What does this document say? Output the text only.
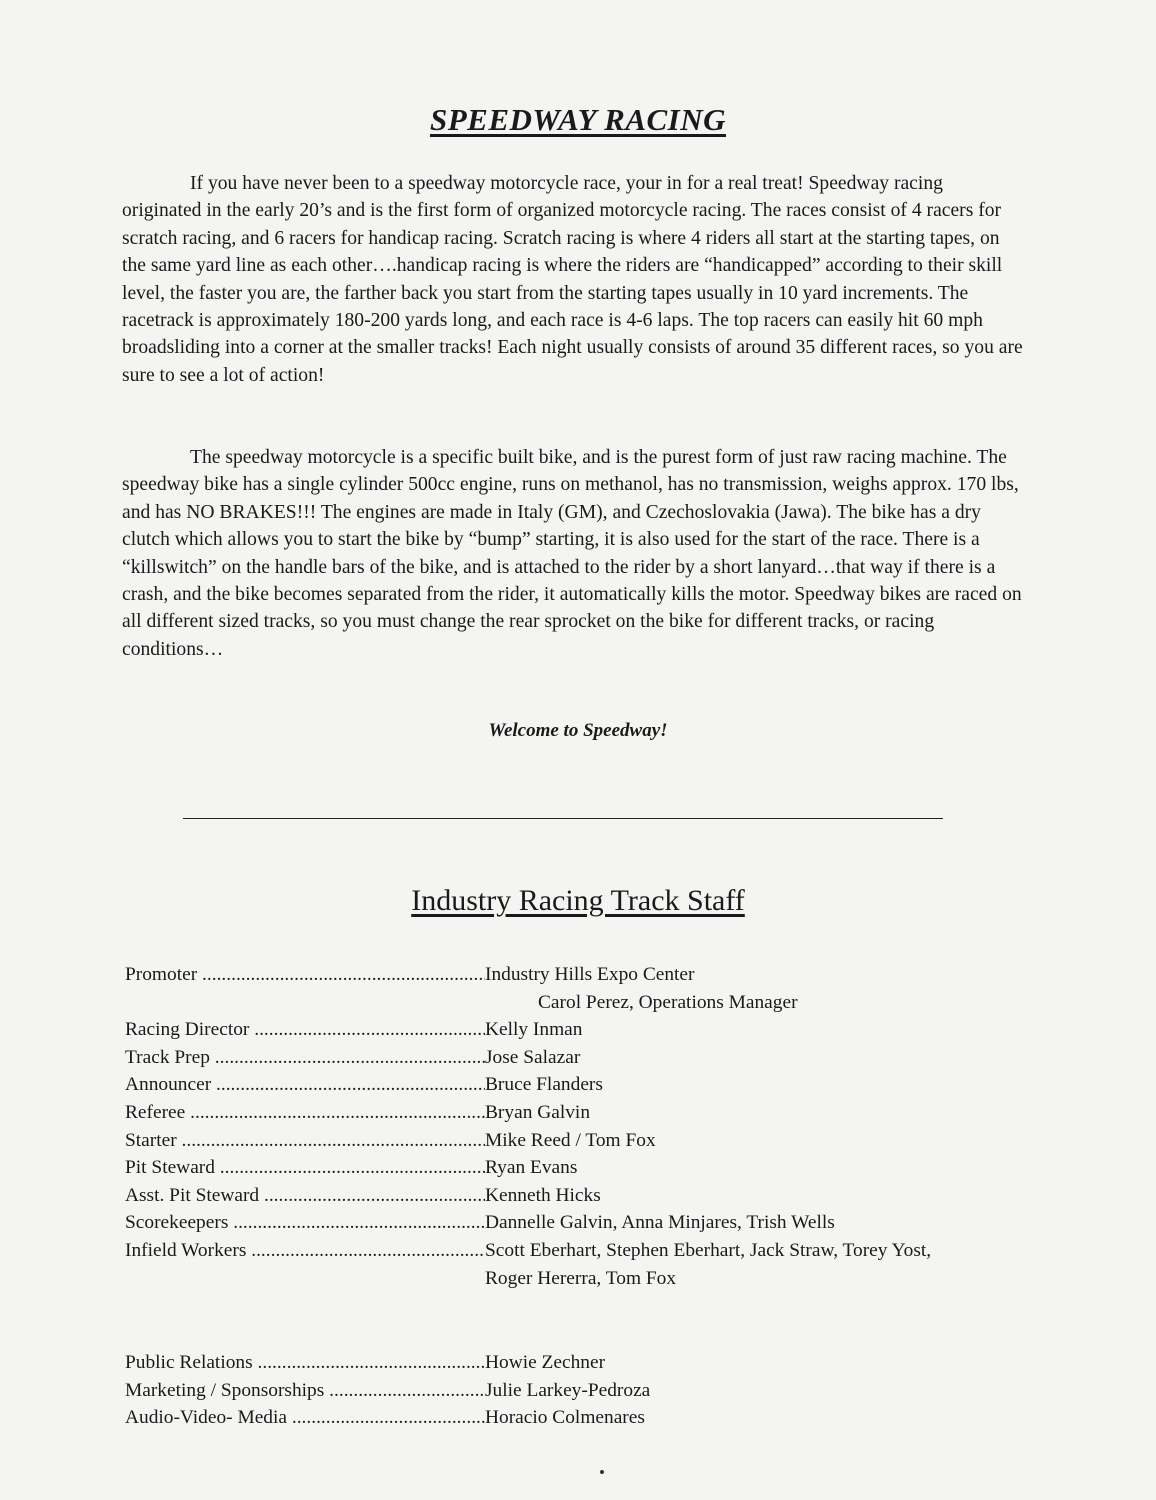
SPEEDWAY RACING

If you have never been to a speedway motorcycle race, your in for a real treat! Speedway racing originated in the early 20’s and is the first form of organized motorcycle racing. The races consist of 4 racers for scratch racing, and 6 racers for handicap racing. Scratch racing is where 4 riders all start at the starting tapes, on the same yard line as each other….handicap racing is where the riders are “handicapped” according to their skill level, the faster you are, the farther back you start from the starting tapes usually in 10 yard increments. The racetrack is approximately 180-200 yards long, and each race is 4-6 laps. The top racers can easily hit 60 mph broadsliding into a corner at the smaller tracks! Each night usually consists of around 35 different races, so you are sure to see a lot of action!

The speedway motorcycle is a specific built bike, and is the purest form of just raw racing machine. The speedway bike has a single cylinder 500cc engine, runs on methanol, has no transmission, weighs approx. 170 lbs, and has NO BRAKES!!! The engines are made in Italy (GM), and Czechoslovakia (Jawa). The bike has a dry clutch which allows you to start the bike by “bump” starting, it is also used for the start of the race. There is a “killswitch” on the handle bars of the bike, and is attached to the rider by a short lanyard…that way if there is a crash, and the bike becomes separated from the rider, it automatically kills the motor. Speedway bikes are raced on all different sized tracks, so you must change the rear sprocket on the bike for different tracks, or racing conditions…

Welcome to Speedway!
Industry Racing Track Staff
Promoter .....	Industry Hills Expo Center
Carol Perez, Operations Manager
Racing Director .....	Kelly Inman
Track Prep .....	Jose Salazar
Announcer .....	Bruce Flanders
Referee .....	Bryan Galvin
Starter .....	Mike Reed / Tom Fox
Pit Steward .....	Ryan Evans
Asst. Pit Steward .....	Kenneth Hicks
Scorekeepers .....	Dannelle Galvin, Anna Minjares, Trish Wells
Infield Workers .....	Scott Eberhart, Stephen Eberhart, Jack Straw, Torey Yost,
Roger Hererra, Tom Fox
Public Relations .....	Howie Zechner
Marketing / Sponsorships .....	Julie Larkey-Pedroza
Audio-Video- Media .....	Horacio Colmenares
